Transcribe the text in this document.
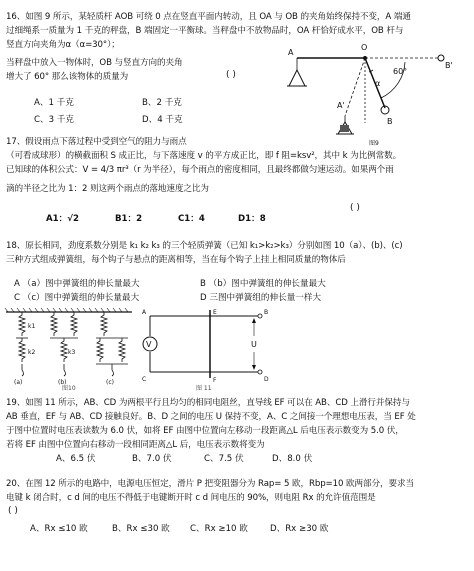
16、如图 9 所示，某轻质杆 AOB 可绕 0 点在竖直平面内转动，且 OA 与 OB 的夹角始终保持不变，A 端通
过细绳系一质量为 1 千克的秤盘，B 端固定一平衡球。当秤盘中不放物品时，OA 杆恰好成水平，OB 杆与
竖直方向夹角为α（α=30°）；
当秤盘中放入一物体时，OB 与竖直方向的夹角
增大了 60° 那么该物体的质量为	( )
A、1 千克	B、2 千克
C、3 千克	D、4 千克
A
O
B'
B
A'
60°
α
图9
17、假设雨点下落过程中受到空气的阻力与雨点
（可看成球形）的横截面积 S 成正比，与下落速度 v 的平方成正比，即 f 阻=ksv²，其中 k 为比例常数。
已知球的体积公式：V = 4/3 πr³（r 为半径），每个雨点的密度相同，且最终都做匀速运动。如果两个雨
滴的半径之比为 1：2 则这两个雨点的落地速度之比为
( )
A1：√2	B1：2	C1：4	D1：8
18、原长相同，劲度系数分别是 k₁ k₂ k₃ 的三个轻质弹簧（已知 k₁>k₂>k₃）分别如图 10（a）、(b)、(c)
三种方式组成弹簧组，每个钩子与悬点的距离相等，当在每个钩子上挂上相同质量的物体后
A （a）图中弹簧组的伸长量最大	B （b）图中弹簧组的伸长量最大
C （c）图中弹簧组的伸长量最大	D 三图中弹簧组的伸长量一样大
k1
k2	k3
(a)	(b)	(c)
图10
V	U
A	B
C	D
E
F
图 11
19、如图 11 所示，AB、CD 为两根平行且均匀的相同电阻丝，直导线 EF 可以在 AB、CD 上滑行并保持与
AB 垂直，EF 与 AB、CD 接触良好。B、D 之间的电压 U 保持不变，A、C 之间接一个理想电压表，当 EF 处
于图中位置时电压表读数为 6.0 伏，如将 EF 由图中位置向左移动一段距离△L 后电压表示数变为 5.0 伏，
若将 EF 由图中位置向右移动一段相同距离△L 后，电压表示数将变为
A、6.5 伏	B、7.0 伏	C、7.5 伏	D、8.0 伏
20、在图 12 所示的电路中，电源电压恒定，滑片 P 把变阻器分为 Rap= 5 欧，Rbp=10 欧两部分，要求当
电键 k 闭合时，c d 间的电压不得低于电键断开时 c d 间电压的 90%，则电阻 Rx 的允许值范围是
( )
A、Rx ≤10 欧	B、Rx ≤30 欧 C、Rx ≥10 欧	D、Rx ≥30 欧
